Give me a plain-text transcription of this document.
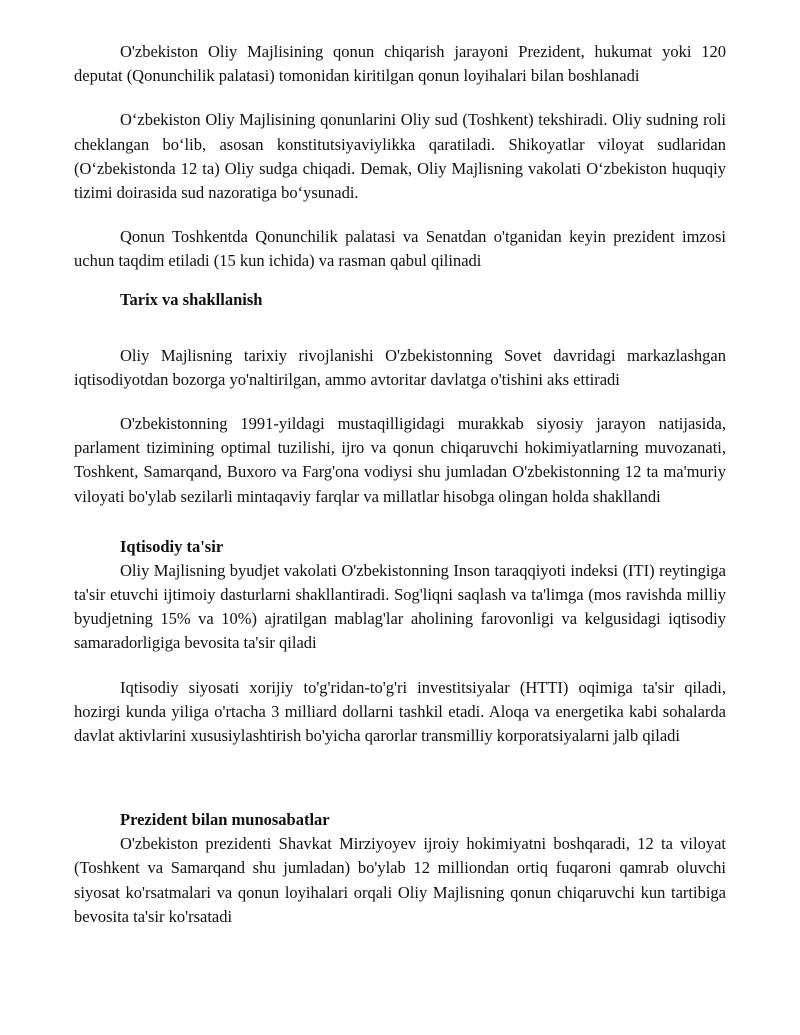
O'zbekiston Oliy Majlisining qonun chiqarish jarayoni Prezident, hukumat yoki 120 deputat (Qonunchilik palatasi) tomonidan kiritilgan qonun loyihalari bilan boshlanadi

O‘zbekiston Oliy Majlisining qonunlarini Oliy sud (Toshkent) tekshiradi. Oliy sudning roli cheklangan bo‘lib, asosan konstitutsiyaviylikka qaratiladi. Shikoyatlar viloyat sudlaridan (O‘zbekistonda 12 ta) Oliy sudga chiqadi. Demak, Oliy Majlisning vakolati O‘zbekiston huquqiy tizimi doirasida sud nazoratiga bo‘ysunadi.

Qonun Toshkentda Qonunchilik palatasi va Senatdan o'tganidan keyin prezident imzosi uchun taqdim etiladi (15 kun ichida) va rasman qabul qilinadi

Tarix va shakllanish

Oliy Majlisning tarixiy rivojlanishi O'zbekistonning Sovet davridagi markazlashgan iqtisodiyotdan bozorga yo'naltirilgan, ammo avtoritar davlatga o'tishini aks ettiradi

O'zbekistonning 1991-yildagi mustaqilligidagi murakkab siyosiy jarayon natijasida, parlament tizimining optimal tuzilishi, ijro va qonun chiqaruvchi hokimiyatlarning muvozanati, Toshkent, Samarqand, Buxoro va Farg'ona vodiysi shu jumladan O'zbekistonning 12 ta ma'muriy viloyati bo'ylab sezilarli mintaqaviy farqlar va millatlar hisobga olingan holda shakllandi

Iqtisodiy ta'sir

Oliy Majlisning byudjet vakolati O'zbekistonning Inson taraqqiyoti indeksi (ITI) reytingiga ta'sir etuvchi ijtimoiy dasturlarni shakllantiradi. Sog'liqni saqlash va ta'limga (mos ravishda milliy byudjetning 15% va 10%) ajratilgan mablag'lar aholining farovonligi va kelgusidagi iqtisodiy samaradorligiga bevosita ta'sir qiladi

Iqtisodiy siyosati xorijiy to'g'ridan-to'g'ri investitsiyalar (HTTI) oqimiga ta'sir qiladi, hozirgi kunda yiliga o'rtacha 3 milliard dollarni tashkil etadi. Aloqa va energetika kabi sohalarda davlat aktivlarini xususiylashtirish bo'yicha qarorlar transmilliy korporatsiyalarni jalb qiladi

Prezident bilan munosabatlar

O'zbekiston prezidenti Shavkat Mirziyoyev ijroiy hokimiyatni boshqaradi, 12 ta viloyat (Toshkent va Samarqand shu jumladan) bo'ylab 12 milliondan ortiq fuqaroni qamrab oluvchi siyosat ko'rsatmalari va qonun loyihalari orqali Oliy Majlisning qonun chiqaruvchi kun tartibiga bevosita ta'sir ko'rsatadi
